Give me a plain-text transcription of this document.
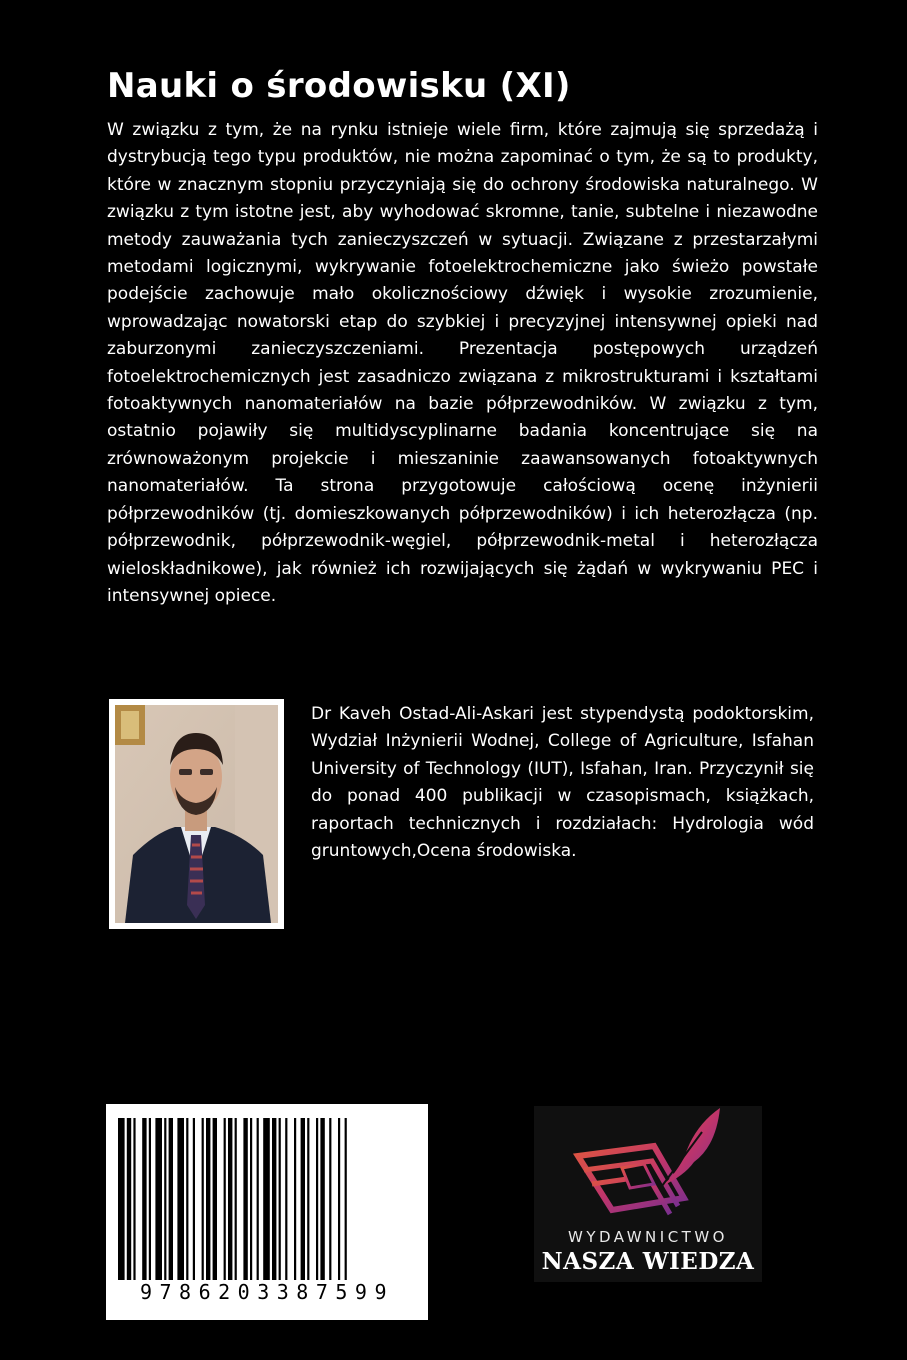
Nauki o środowisku (XI)

W związku z tym, że na rynku istnieje wiele firm, które zajmują się sprzedażą i dystrybucją tego typu produktów, nie można zapominać o tym, że są to produkty, które w znacznym stopniu przyczyniają się do ochrony środowiska naturalnego. W związku z tym istotne jest, aby wyhodować skromne, tanie, subtelne i niezawodne metody zauważania tych zanieczyszczeń w sytuacji. Związane z przestarzałymi metodami logicznymi, wykrywanie fotoelektrochemiczne jako świeżo powstałe podejście zachowuje mało okolicznościowy dźwięk i wysokie zrozumienie, wprowadzając nowatorski etap do szybkiej i precyzyjnej intensywnej opieki nad zaburzonymi zanieczyszczeniami. Prezentacja postępowych urządzeń fotoelektrochemicznych jest zasadniczo związana z mikrostrukturami i kształtami fotoaktywnych nanomateriałów na bazie półprzewodników. W związku z tym, ostatnio pojawiły się multidyscyplinarne badania koncentrujące się na zrównoważonym projekcie i mieszaninie zaawansowanych fotoaktywnych nanomateriałów. Ta strona przygotowuje całościową ocenę inżynierii półprzewodników (tj. domieszkowanych półprzewodników) i ich heterozłącza (np. półprzewodnik, półprzewodnik-węgiel, półprzewodnik-metal i heterozłącza wieloskładnikowe), jak również ich rozwijających się żądań w wykrywaniu PEC i intensywnej opiece.

Dr Kaveh Ostad-Ali-Askari jest stypendystą podoktorskim, Wydział Inżynierii Wodnej, College of Agriculture, Isfahan University of Technology (IUT), Isfahan, Iran. Przyczynił się do ponad 400 publikacji w czasopismach, książkach, raportach technicznych i rozdziałach: Hydrologia wód gruntowych,Ocena środowiska.

9786203387599
WYDAWNICTWO
NASZA WIEDZA
